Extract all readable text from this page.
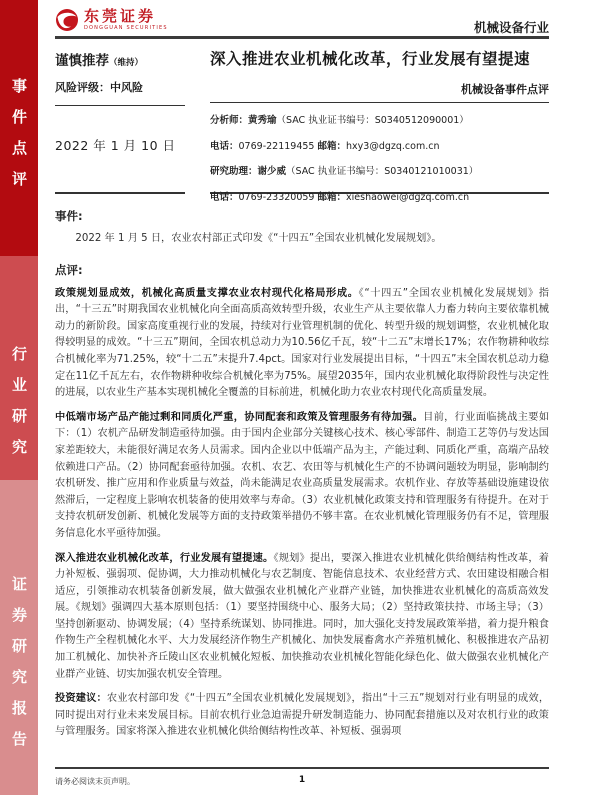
事件点评
行业研究
证券研究报告
东莞证券
DONGGUAN SECURITIES	机械设备行业
谨慎推荐（维持）
风险评级：中风险
2022 年 1 月 10 日
深入推进农业机械化改革，行业发展有望提速
机械设备事件点评
分析师：黄秀瑜（SAC 执业证书编号：S0340512090001）
电话：0769-22119455 邮箱：hxy3@dgzq.com.cn
研究助理：谢少威（SAC 执业证书编号：S0340121010031）
电话：0769-23320059 邮箱：xieshaowei@dgzq.com.cn
事件:

2022 年 1 月 5 日，农业农村部正式印发《“十四五”全国农业机械化发展规划》。

点评:

政策规划显成效，机械化高质量支撑农业农村现代化格局形成。《“十四五”全国农业机械化发展规划》指出，“十三五”时期我国农业机械化向全面高质高效转型升级，农业生产从主要依靠人力畜力转向主要依靠机械动力的新阶段。国家高度重视行业的发展，持续对行业管理机制的优化、转型升级的规划调整，农业机械化取得较明显的成效。“十三五”期间，全国农机总动力为10.56亿千瓦，较“十二五”末增长17%；农作物耕种收综合机械化率为71.25%，较“十二五”末提升7.4pct。国家对行业发展提出目标，“十四五”末全国农机总动力稳定在11亿千瓦左右，农作物耕种收综合机械化率为75%。展望2035年，国内农业机械化取得阶段性与决定性的进展，以农业生产基本实现机械化全覆盖的目标前进，机械化助力农业农村现代化高质量发展。

中低端市场产品产能过剩和同质化严重，协同配套和政策及管理服务有待加强。目前，行业面临挑战主要如下：（1）农机产品研发制造亟待加强。由于国内企业部分关键核心技术、核心零部件、制造工艺等仍与发达国家差距较大，未能很好满足农务人员需求。国内企业以中低端产品为主，产能过剩、同质化严重，高端产品较依赖进口产品。（2）协同配套亟待加强。农机、农艺、农田等与机械化生产的不协调问题较为明显，影响制约农机研发、推广应用和作业质量与效益，尚未能满足农业高质量发展需求。农机作业、存放等基础设施建设依然滞后，一定程度上影响农机装备的使用效率与寿命。（3）农业机械化政策支持和管理服务有待提升。在对于支持农机研发创新、机械化发展等方面的支持政策举措仍不够丰富。在农业机械化管理服务仍有不足，管理服务信息化水平亟待加强。

深入推进农业机械化改革，行业发展有望提速。《规划》提出，要深入推进农业机械化供给侧结构性改革，着力补短板、强弱项、促协调，大力推动机械化与农艺制度、智能信息技术、农业经营方式、农田建设相融合相适应，引领推动农机装备创新发展，做大做强农业机械化产业群产业链，加快推进农业机械化的高质高效发展。《规划》强调四大基本原则包括：（1）要坚持围绕中心、服务大局；（2）坚持政策扶持、市场主导；（3）坚持创新驱动、协调发展；（4）坚持系统谋划、协同推进。同时，加大强化支持发展政策举措，着力提升粮食作物生产全程机械化水平、大力发展经济作物生产机械化、加快发展畜禽水产养殖机械化、积极推进农产品初加工机械化、加快补齐丘陵山区农业机械化短板、加快推动农业机械化智能化绿色化、做大做强农业机械化产业群产业链、切实加强农机安全管理。

投资建议：农业农村部印发《“十四五”全国农业机械化发展规划》，指出“十三五”规划对行业有明显的成效，同时提出对行业未来发展目标。目前农机行业急迫需提升研发制造能力、协同配套措施以及对农机行业的政策与管理服务。国家将深入推进农业机械化供给侧结构性改革、补短板、强弱项

请务必阅读末页声明。	1
